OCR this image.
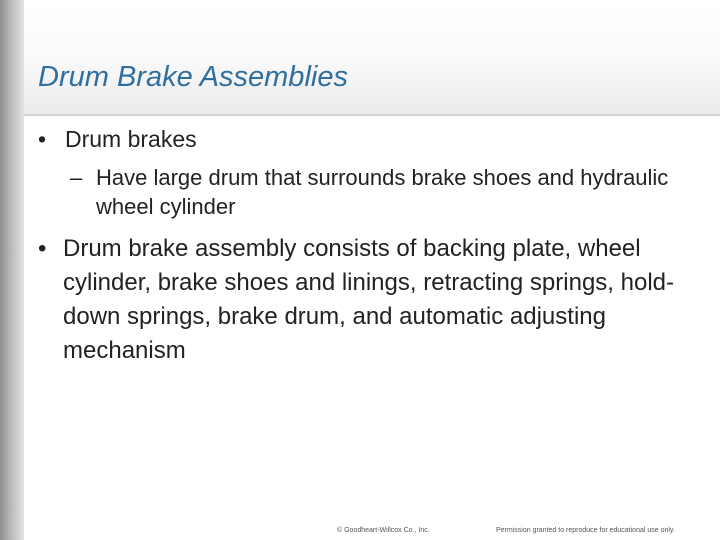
Drum Brake Assemblies
• Drum brakes
– Have large drum that surrounds brake shoes and hydraulic wheel cylinder
• Drum brake assembly consists of backing plate, wheel cylinder, brake shoes and linings, retracting springs, hold-down springs, brake drum, and automatic adjusting mechanism
© Goodheart-Willcox Co., Inc.	Permission granted to reproduce for educational use only.
